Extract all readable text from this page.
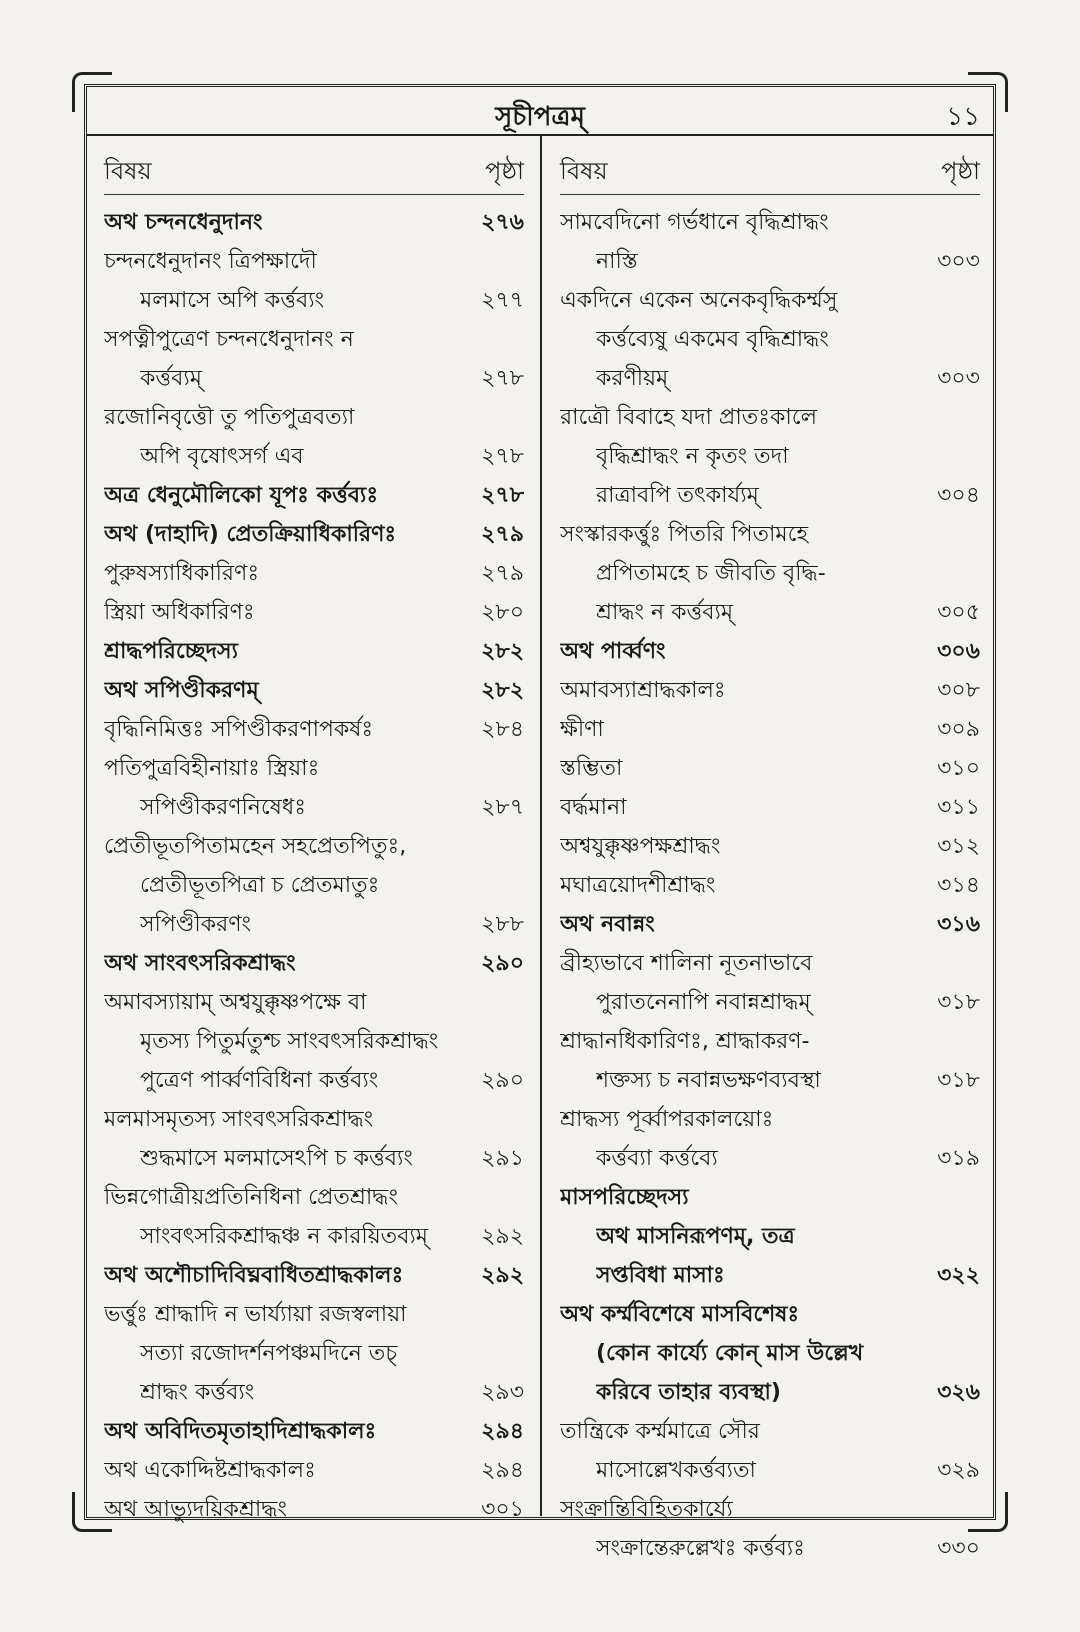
সূচীপত্রম্	১১
বিষয়	পৃষ্ঠা
অথ চন্দনধেনুদানং	২৭৬
চন্দনধেনুদানং ত্রিপক্ষাদৌ
মলমাসে অপি কর্ত্তব্যং	২৭৭
সপত্নীপুত্রেণ চন্দনধেনুদানং ন
কর্ত্তব্যম্	২৭৮
রজোনিবৃত্তৌ তু পতিপুত্রবত্যা
অপি বৃষোৎসর্গ এব	২৭৮
অত্র ধেনুমৌলিকো যূপঃ কর্ত্তব্যঃ	২৭৮
অথ (দাহাদি) প্রেতক্রিয়াধিকারিণঃ	২৭৯
পুরুষস্যাধিকারিণঃ	২৭৯
স্ত্রিয়া অধিকারিণঃ	২৮০
শ্রাদ্ধপরিচ্ছেদস্য	২৮২
অথ সপিণ্ডীকরণম্	২৮২
বৃদ্ধিনিমিত্তঃ সপিণ্ডীকরণাপকর্ষঃ	২৮৪
পতিপুত্রবিহীনায়াঃ স্ত্রিয়াঃ
সপিণ্ডীকরণনিষেধঃ	২৮৭
প্রেতীভূতপিতামহেন সহপ্রেতপিতুঃ,
প্রেতীভূতপিত্রা চ প্রেতমাতুঃ
সপিণ্ডীকরণং	২৮৮
অথ সাংবৎসরিকশ্রাদ্ধং	২৯০
অমাবস্যায়াম্ অশ্বযুক্কৃষ্ণপক্ষে বা
মৃতস্য পিতুর্মতুশ্চ সাংবৎসরিকশ্রাদ্ধং
পুত্রেণ পার্ব্বণবিধিনা কর্ত্তব্যং	২৯০
মলমাসমৃতস্য সাংবৎসরিকশ্রাদ্ধং
শুদ্ধমাসে মলমাসেঽপি চ কর্ত্তব্যং	২৯১
ভিন্নগোত্রীয়প্রতিনিধিনা প্রেতশ্রাদ্ধং
সাংবৎসরিকশ্রাদ্ধঞ্চ ন কারয়িতব্যম্	২৯২
অথ অশৌচাদিবিঘ্নবাধিতশ্রাদ্ধকালঃ	২৯২
ভর্ত্তুঃ শ্রাদ্ধাদি ন ভার্য্যায়া রজস্বলায়া
সত্যা রজোদর্শনপঞ্চমদিনে তচ্
শ্রাদ্ধং কর্ত্তব্যং	২৯৩
অথ অবিদিতমৃতাহাদিশ্রাদ্ধকালঃ	২৯৪
অথ একোদ্দিষ্টশ্রাদ্ধকালঃ	২৯৪
অথ আভ্যুদয়িকশ্রাদ্ধং	৩০১
বিষয়	পৃষ্ঠা
সামবেদিনো গর্ভধানে বৃদ্ধিশ্রাদ্ধং
নাস্তি	৩০৩
একদিনে একেন অনেকবৃদ্ধিকর্ম্মসু
কর্ত্তব্যেষু একমেব বৃদ্ধিশ্রাদ্ধং
করণীয়ম্	৩০৩
রাত্রৌ বিবাহে যদা প্রাতঃকালে
বৃদ্ধিশ্রাদ্ধং ন কৃতং তদা
রাত্রাবপি তৎকার্য্যম্	৩০৪
সংস্কারকর্ত্তুঃ পিতরি পিতামহে
প্রপিতামহে চ জীবতি বৃদ্ধি-
শ্রাদ্ধং ন কর্ত্তব্যম্	৩০৫
অথ পার্ব্বণং	৩০৬
অমাবস্যাশ্রাদ্ধকালঃ	৩০৮
ক্ষীণা	৩০৯
স্তম্ভিতা	৩১০
বর্দ্ধমানা	৩১১
অশ্বযুক্কৃষ্ণপক্ষশ্রাদ্ধং	৩১২
মঘাত্রয়োদশীশ্রাদ্ধং	৩১৪
অথ নবান্নং	৩১৬
ব্রীহ্যভাবে শালিনা নূতনাভাবে
পুরাতনেনাপি নবান্নশ্রাদ্ধম্	৩১৮
শ্রাদ্ধানধিকারিণঃ, শ্রাদ্ধাকরণ-
শক্তস্য চ নবান্নভক্ষণব্যবস্থা	৩১৮
শ্রাদ্ধস্য পূর্ব্বাপরকালয়োঃ
কর্ত্তব্যা কর্ত্তব্যে	৩১৯
মাসপরিচ্ছেদস্য
অথ মাসনিরূপণম্, তত্র
সপ্তবিধা মাসাঃ	৩২২
অথ কর্ম্মবিশেষে মাসবিশেষঃ
(কোন কার্য্যে কোন্ মাস উল্লেখ
করিবে তাহার ব্যবস্থা)	৩২৬
তান্ত্রিকে কর্ম্মমাত্রে সৌর
মাসোল্লেখকর্ত্তব্যতা	৩২৯
সংক্রান্তিবিহিতকার্য্যে
সংক্রান্তেরুল্লেখঃ কর্ত্তব্যঃ	৩৩০
